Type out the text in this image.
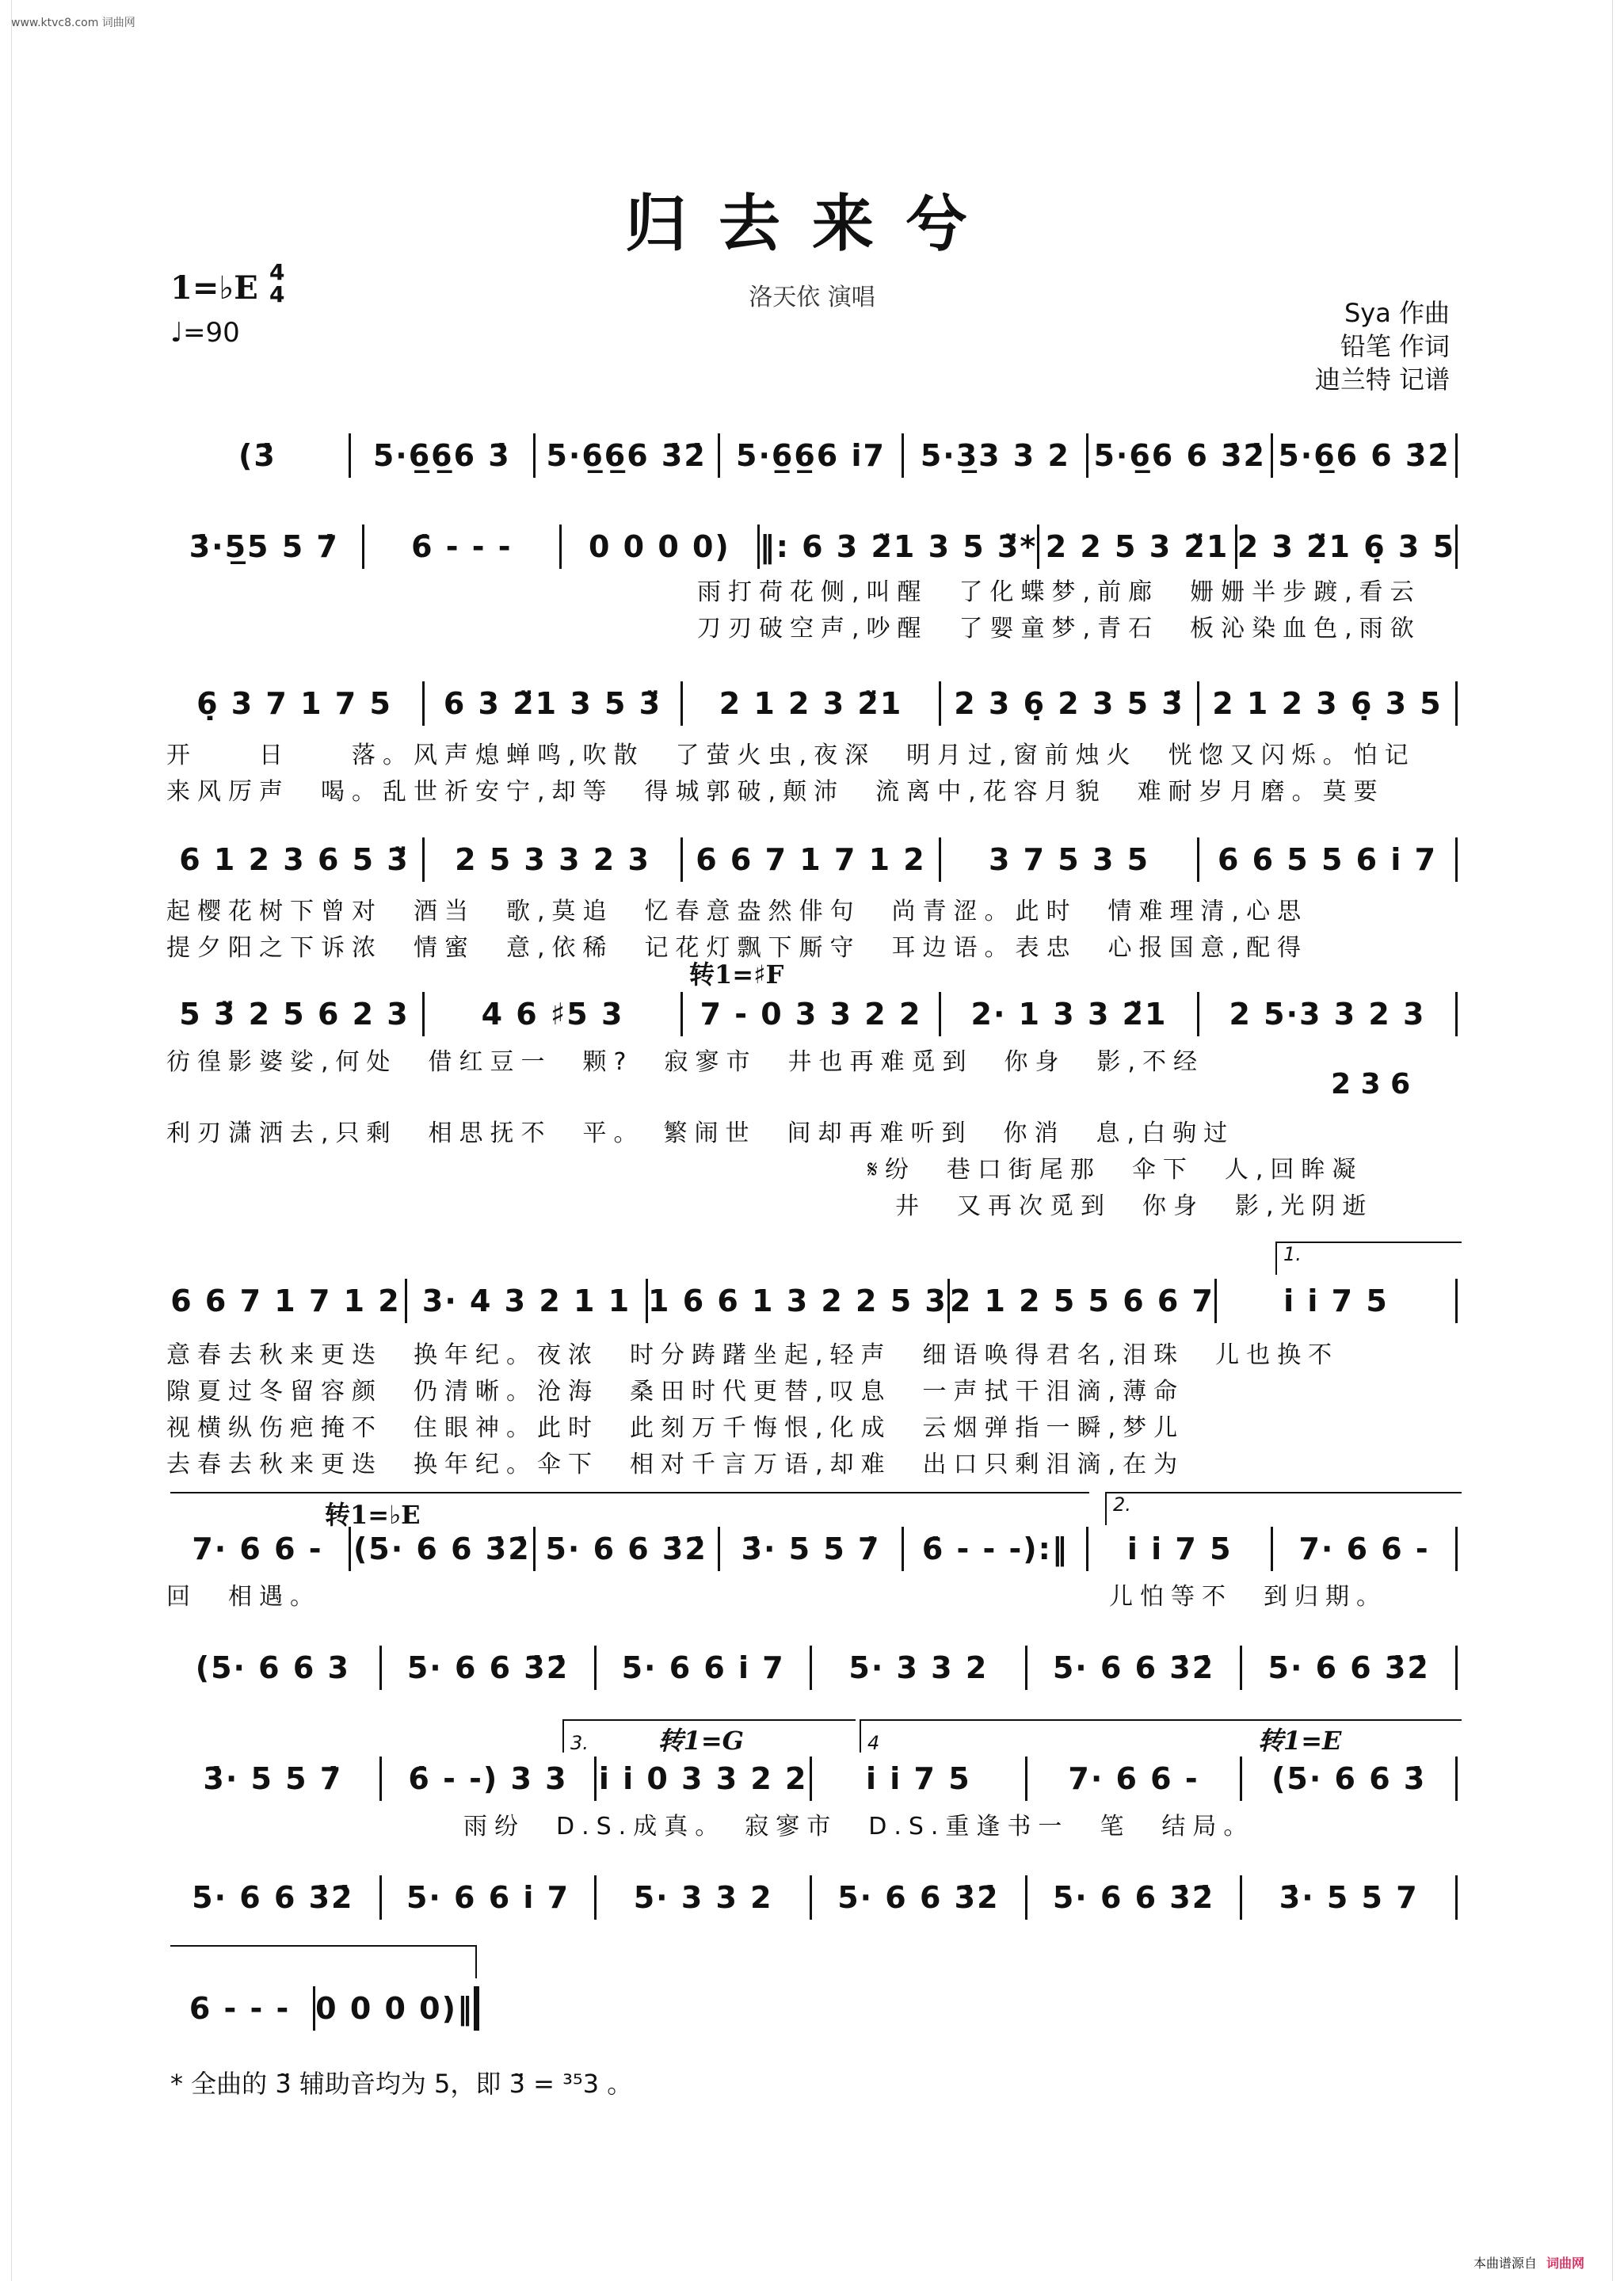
www.ktvc8.com 词曲网
归去来兮
洛天依 演唱
1=♭E 4
4
♩=90
Sya 作曲
铅笔 作词
迪兰特 记谱
(3̇	5·6̲6̲6 3̇	5·6̲6̲6 3̇2̇ 5·6̲6̲6 i7	5·3̲3 3 2 5·6̲6 6 3̇2̇ 5·6̲6 6 3̇2̇
3̇·5̲5 5 7̇	6̇ - - -	0 0 0 0) ‖: 6 3 2̈1 3 5 3̈* 2 2 5 3 2̈1 2 3 2̈1 6̣ 3 5
6̣ 3 7 1 7 5	6 3 2̈1 3 5 3̈	2 1 2 3 2̈1	2 3 6̣ 2 3 5 3̈ 2 1 2 3 6̣ 3 5
6 1 2 3 6 5 3̈	2 5 3 3 2 3	6 6 7 1 7 1 2	3 7 5 3 5	6 6 5 5 6 i 7
5 3̈ 2 5 6 2 3	4 6 ♯5 3	7 - 0 3 3 2 2	2· 1 3 3 2̈1	2 5·3 3 2 3
6 6 7 1 7 1 2 3· 4 3 2 1 1 1 6 6 1 3 2 2 5 3 2 1 2 5 5 6 6 7	i i 7 5
7· 6 6 -	(5· 6 6 3̇2̇ 5· 6 6 3̇2̇	3̇· 5 5 7̇	6̇ - - -):‖	i i 7 5	7· 6 6 -
(5· 6 6 3	5· 6 6 3̇2̇	5· 6 6 i 7	5· 3 3 2	5· 6 6 3̇2̇	5· 6 6 3̇2̇
3̇· 5 5 7̇	6̇ - -) 3 3	i i 0 3 3 2 2	i i 7 5	7· 6 6 -	(5· 6 6 3̇
5· 6 6 3̇2̇	5· 6 6 i 7	5· 3 3 2	5· 6 6 3̇2̇	5· 6 6 3̇2̇	3̇· 5 5 7
6 - - - 0 0 0 0)‖
雨打荷花侧,叫醒　了化蝶梦,前廊　姗姗半步踱,看云
刀刃破空声,吵醒　了婴童梦,青石　板沁染血色,雨欲
开　　日　　落。风声熄蝉鸣,吹散　了萤火虫,夜深　明月过,窗前烛火　恍惚又闪烁。怕记
来风厉声　喝。乱世祈安宁,却等　得城郭破,颠沛　流离中,花容月貌　难耐岁月磨。莫要
起樱花树下曾对　酒当　歌,莫追　忆春意盎然俳句　尚青涩。此时　情难理清,心思
提夕阳之下诉浓　情蜜　意,依稀　记花灯飘下厮守　耳边语。表忠　心报国意,配得
转1=♯F
彷徨影婆娑,何处　借红豆一　颗?　寂寥市　井也再难觅到　你身　影,不经
2 3 6
利刃潇洒去,只剩　相思抚不　平。　繁闹世　间却再难听到　你消　息,白驹过
𝄋纷　巷口街尾那　伞下　人,回眸凝
井　又再次觅到　你身　影,光阴逝
1.
意春去秋来更迭　换年纪。夜浓　时分踌躇坐起,轻声　细语唤得君名,泪珠　儿也换不
隙夏过冬留容颜　仍清晰。沧海　桑田时代更替,叹息　一声拭干泪滴,薄命
视横纵伤疤掩不　住眼神。此时　此刻万千悔恨,化成　云烟弹指一瞬,梦儿
去春去秋来更迭　换年纪。伞下　相对千言万语,却难　出口只剩泪滴,在为
转1=♭E	2.
回　相遇。	儿怕等不　到归期。
3.	转1=G	4	转1=E
雨纷　D.S.成真。　寂寥市　D.S.重逢书一　笔　结局。
* 全曲的 3̈ 辅助音均为 5，即 3̈ = ³⁵3 。
本曲谱源自 词曲网
